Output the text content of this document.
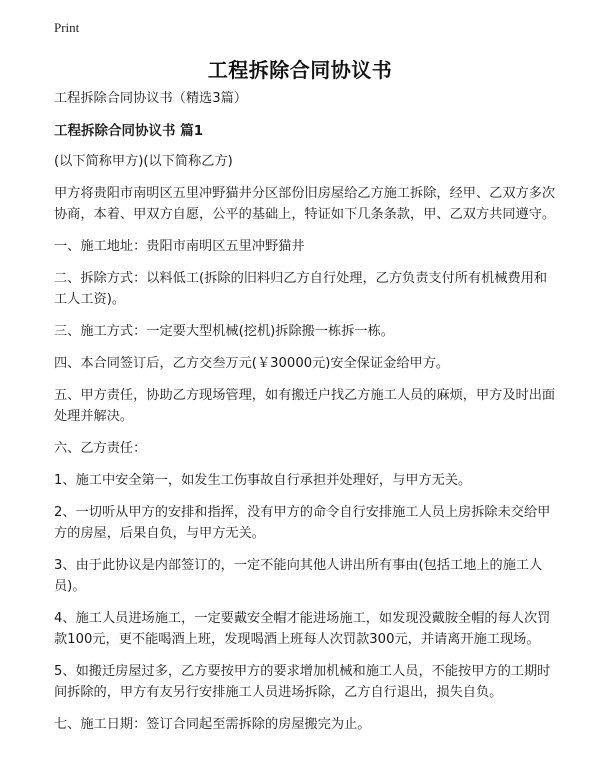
Print
工程拆除合同协议书

工程拆除合同协议书（精选3篇）

工程拆除合同协议书 篇1

(以下简称甲方)(以下简称乙方)

甲方将贵阳市南明区五里冲野猫井分区部份旧房屋给乙方施工拆除，经甲、乙双方多次协商，本着、甲双方自愿，公平的基础上，特证如下几条条款，甲、乙双方共同遵守。

一、施工地址：贵阳市南明区五里冲野猫井

二、拆除方式：以料低工(拆除的旧料归乙方自行处理，乙方负责支付所有机械费用和工人工资)。

三、施工方式：一定要大型机械(挖机)拆除搬一栋拆一栋。

四、本合同签订后，乙方交叁万元(￥30000元)安全保证金给甲方。

五、甲方责任，协助乙方现场管理，如有搬迁户找乙方施工人员的麻烦，甲方及时出面处理并解决。

六、乙方责任：

1、施工中安全第一，如发生工伤事故自行承担并处理好，与甲方无关。

2、一切听从甲方的安排和指挥，没有甲方的命令自行安排施工人员上房拆除未交给甲方的房屋，后果自负，与甲方无关。

3、由于此协议是内部签订的，一定不能向其他人讲出所有事由(包括工地上的施工人员)。

4、施工人员进场施工，一定要戴安全帽才能进场施工，如发现没戴胺全帽的每人次罚款100元，更不能喝酒上班，发现喝酒上班每人次罚款300元，并请离开施工现场。

5、如搬迁房屋过多，乙方要按甲方的要求增加机械和施工人员，不能按甲方的工期时间拆除的，甲方有友另行安排施工人员进场拆除，乙方自行退出，损失自负。

七、施工日期：签订合同起至需拆除的房屋搬完为止。
